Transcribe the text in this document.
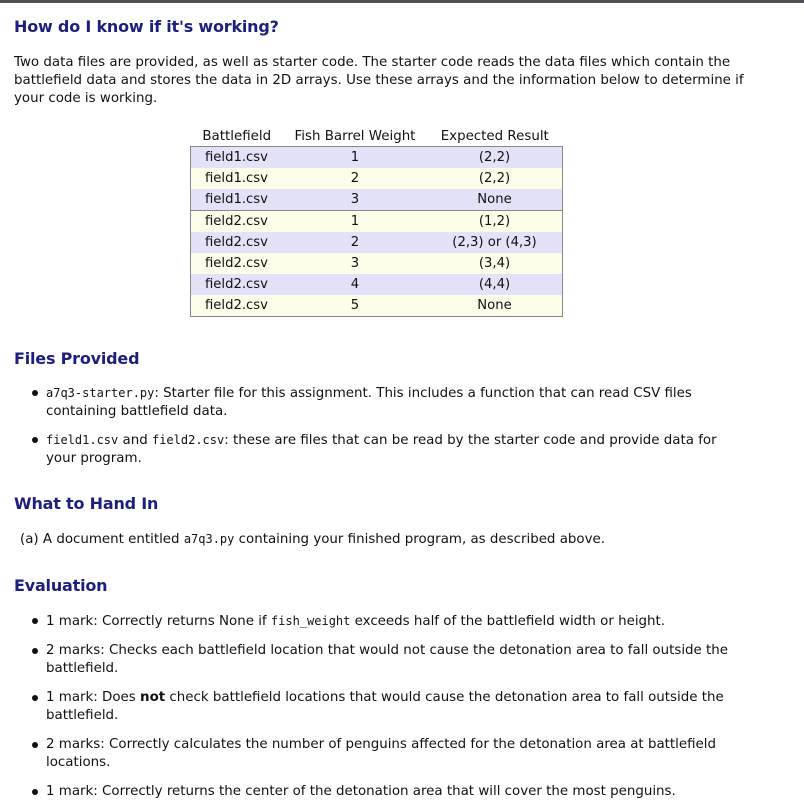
How do I know if it's working?

Two data files are provided, as well as starter code. The starter code reads the data files which contain the battlefield data and stores the data in 2D arrays. Use these arrays and the information below to determine if your code is working.

Battlefield	Fish Barrel Weight	Expected Result
field1.csv	1	(2,2)
field1.csv	2	(2,2)
field1.csv	3	None
field2.csv	1	(1,2)
field2.csv	2	(2,3) or (4,3)
field2.csv	3	(3,4)
field2.csv	4	(4,4)
field2.csv	5	None
Files Provided
a7q3-starter.py: Starter file for this assignment. This includes a function that can read CSV files containing battlefield data.
field1.csv and field2.csv: these are files that can be read by the starter code and provide data for your program.
What to Hand In

(a) A document entitled a7q3.py containing your finished program, as described above.

Evaluation
1 mark: Correctly returns None if fish_weight exceeds half of the battlefield width or height.
2 marks: Checks each battlefield location that would not cause the detonation area to fall outside the battlefield.
1 mark: Does not check battlefield locations that would cause the detonation area to fall outside the battlefield.
2 marks: Correctly calculates the number of penguins affected for the detonation area at battlefield locations.
1 mark: Correctly returns the center of the detonation area that will cover the most penguins.
